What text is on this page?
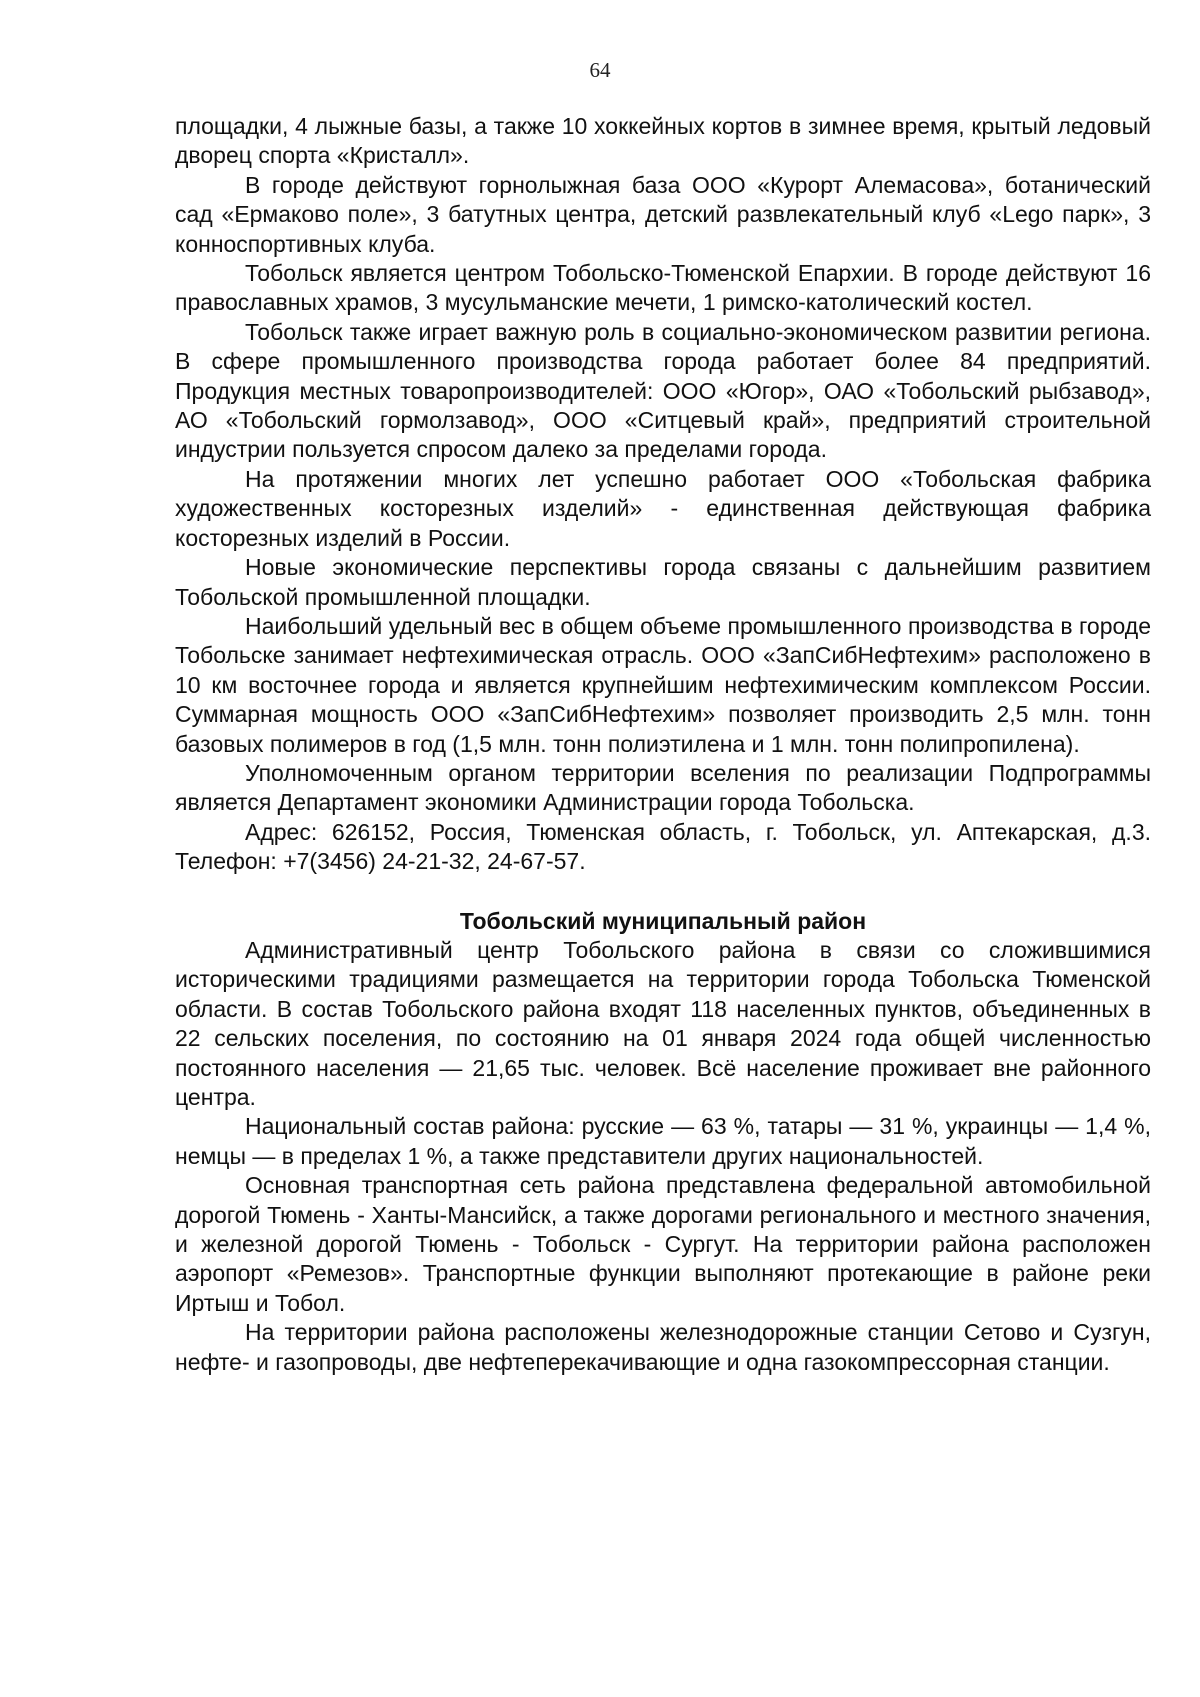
64

площадки, 4 лыжные базы, а также 10 хоккейных кортов в зимнее время, крытый ледовый дворец спорта «Кристалл».

В городе действуют горнолыжная база ООО «Курорт Алемасова», ботанический сад «Ермаково поле», 3 батутных центра, детский развлекательный клуб «Lego парк», 3 конноспортивных клуба.

Тобольск является центром Тобольско-Тюменской Епархии. В городе действуют 16 православных храмов, 3 мусульманские мечети, 1 римско-католический костел.

Тобольск также играет важную роль в социально-экономическом развитии региона. В сфере промышленного производства города работает более 84 предприятий. Продукция местных товаропроизводителей: ООО «Югор», ОАО «Тобольский рыбзавод», АО «Тобольский гормолзавод», ООО «Ситцевый край», предприятий строительной индустрии пользуется спросом далеко за пределами города.

На протяжении многих лет успешно работает ООО «Тобольская фабрика художественных косторезных изделий» - единственная действующая фабрика косторезных изделий в России.

Новые экономические перспективы города связаны с дальнейшим развитием Тобольской промышленной площадки.

Наибольший удельный вес в общем объеме промышленного производства в городе Тобольске занимает нефтехимическая отрасль. ООО «ЗапСибНефтехим» расположено в 10 км восточнее города и является крупнейшим нефтехимическим комплексом России. Суммарная мощность ООО «ЗапСибНефтехим» позволяет производить 2,5 млн. тонн базовых полимеров в год (1,5 млн. тонн полиэтилена и 1 млн. тонн полипропилена).

Уполномоченным органом территории вселения по реализации Подпрограммы является Департамент экономики Администрации города Тобольска.

Адрес: 626152, Россия, Тюменская область, г. Тобольск, ул. Аптекарская, д.3. Телефон: +7(3456) 24-21-32, 24-67-57.

Тобольский муниципальный район

Административный центр Тобольского района в связи со сложившимися историческими традициями размещается на территории города Тобольска Тюменской области. В состав Тобольского района входят 118 населенных пунктов, объединенных в 22 сельских поселения, по состоянию на 01 января 2024 года общей численностью постоянного населения — 21,65 тыс. человек. Всё население проживает вне районного центра.

Национальный состав района: русские — 63 %, татары — 31 %, украинцы — 1,4 %, немцы — в пределах 1 %, а также представители других национальностей.

Основная транспортная сеть района представлена федеральной автомобильной дорогой Тюмень - Ханты-Мансийск, а также дорогами регионального и местного значения, и железной дорогой Тюмень - Тобольск - Сургут. На территории района расположен аэропорт «Ремезов». Транспортные функции выполняют протекающие в районе реки Иртыш и Тобол.

На территории района расположены железнодорожные станции Сетово и Сузгун, нефте- и газопроводы, две нефтеперекачивающие и одна газокомпрессорная станции.
